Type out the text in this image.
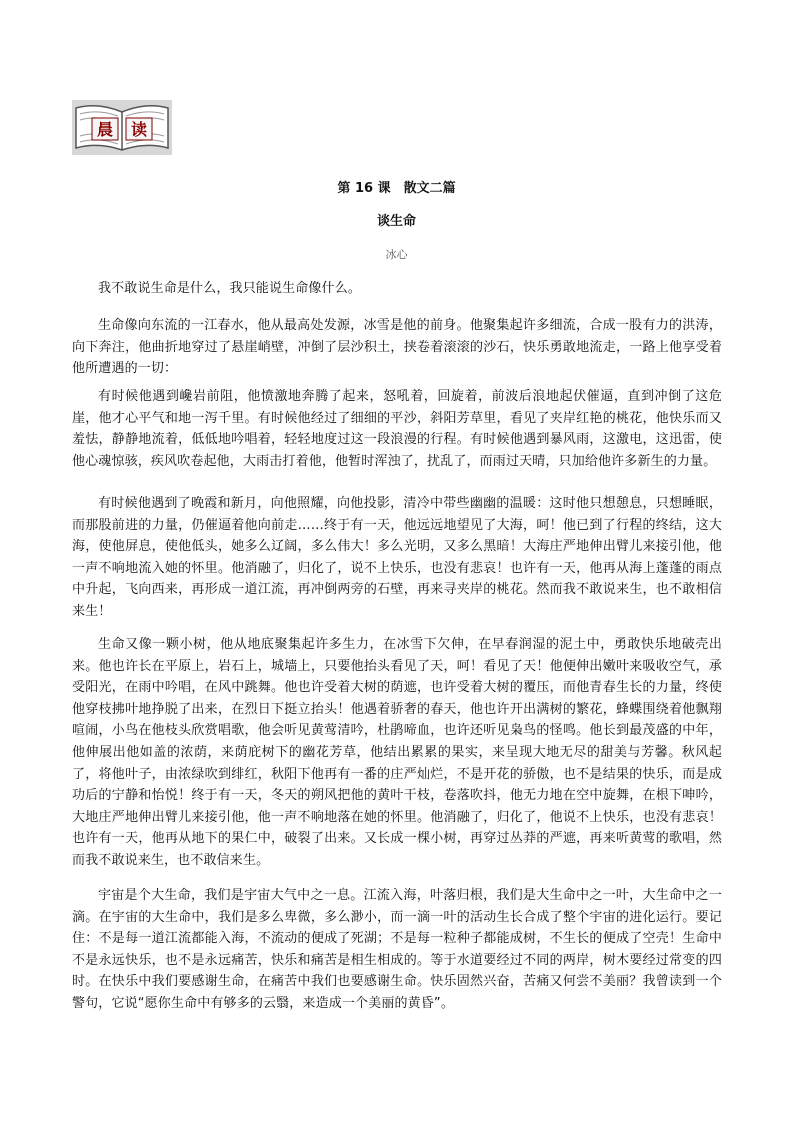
晨 读
第 16 课　散文二篇
谈生命
冰心

我不敢说生命是什么，我只能说生命像什么。

生命像向东流的一江春水，他从最高处发源，冰雪是他的前身。他聚集起许多细流，合成一股有力的洪涛，向下奔注，他曲折地穿过了悬崖峭壁，冲倒了层沙积土，挟卷着滚滚的沙石，快乐勇敢地流走，一路上他享受着他所遭遇的一切：

有时候他遇到巉岩前阻，他愤激地奔腾了起来，怒吼着，回旋着，前波后浪地起伏催逼，直到冲倒了这危崖，他才心平气和地一泻千里。有时候他经过了细细的平沙，斜阳芳草里，看见了夹岸红艳的桃花，他快乐而又羞怯，静静地流着，低低地吟唱着，轻轻地度过这一段浪漫的行程。有时候他遇到暴风雨，这激电，这迅雷，使他心魂惊骇，疾风吹卷起他，大雨击打着他，他暂时浑浊了，扰乱了，而雨过天晴，只加给他许多新生的力量。

有时候他遇到了晚霞和新月，向他照耀，向他投影，清冷中带些幽幽的温暖：这时他只想憩息，只想睡眠，而那股前进的力量，仍催逼着他向前走……终于有一天，他远远地望见了大海，呵！他已到了行程的终结，这大海，使他屏息，使他低头，她多么辽阔，多么伟大！多么光明，又多么黑暗！大海庄严地伸出臂儿来接引他，他一声不响地流入她的怀里。他消融了，归化了，说不上快乐，也没有悲哀！也许有一天，他再从海上蓬蓬的雨点中升起，飞向西来，再形成一道江流，再冲倒两旁的石壁，再来寻夹岸的桃花。然而我不敢说来生，也不敢相信来生！

生命又像一颗小树，他从地底聚集起许多生力，在冰雪下欠伸，在早春润湿的泥土中，勇敢快乐地破壳出来。他也许长在平原上，岩石上，城墙上，只要他抬头看见了天，呵！看见了天！他便伸出嫩叶来吸收空气，承受阳光，在雨中吟唱，在风中跳舞。他也许受着大树的荫遮，也许受着大树的覆压，而他青春生长的力量，终使他穿枝拂叶地挣脱了出来，在烈日下挺立抬头！他遇着骄奢的春天，他也许开出满树的繁花，蜂蝶围绕着他飘翔喧闹，小鸟在他枝头欣赏唱歌，他会听见黄莺清吟，杜鹃啼血，也许还听见枭鸟的怪鸣。他长到最茂盛的中年，他伸展出他如盖的浓荫，来荫庇树下的幽花芳草，他结出累累的果实，来呈现大地无尽的甜美与芳馨。秋风起了，将他叶子，由浓绿吹到绯红，秋阳下他再有一番的庄严灿烂，不是开花的骄傲，也不是结果的快乐，而是成功后的宁静和怡悦！终于有一天，冬天的朔风把他的黄叶干枝，卷落吹抖，他无力地在空中旋舞，在根下呻吟，大地庄严地伸出臂儿来接引他，他一声不响地落在她的怀里。他消融了，归化了，他说不上快乐，也没有悲哀！也许有一天，他再从地下的果仁中，破裂了出来。又长成一棵小树，再穿过丛莽的严遮，再来听黄莺的歌唱，然而我不敢说来生，也不敢信来生。

宇宙是个大生命，我们是宇宙大气中之一息。江流入海，叶落归根，我们是大生命中之一叶，大生命中之一滴。在宇宙的大生命中，我们是多么卑微，多么渺小，而一滴一叶的活动生长合成了整个宇宙的进化运行。要记住：不是每一道江流都能入海，不流动的便成了死湖；不是每一粒种子都能成树，不生长的便成了空壳！生命中不是永远快乐，也不是永远痛苦，快乐和痛苦是相生相成的。等于水道要经过不同的两岸，树木要经过常变的四时。在快乐中我们要感谢生命，在痛苦中我们也要感谢生命。快乐固然兴奋，苦痛又何尝不美丽？我曾读到一个警句，它说“愿你生命中有够多的云翳，来造成一个美丽的黄昏”。
